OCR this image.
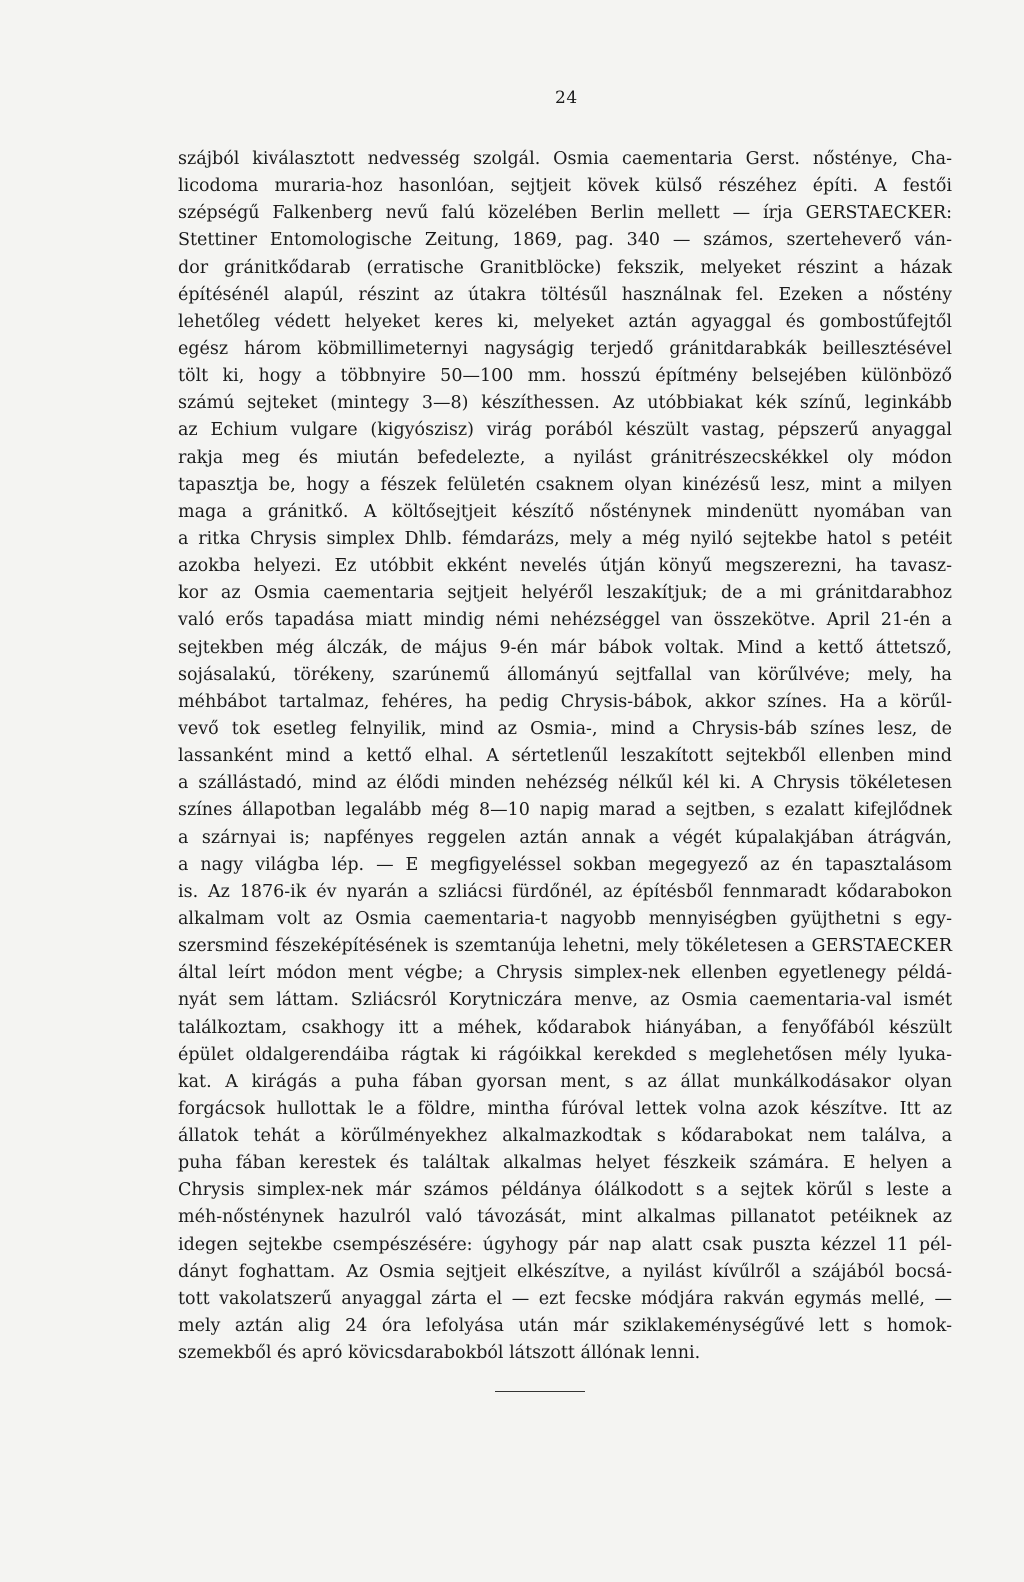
24
szájból kiválasztott nedvesség szolgál. Osmia caementaria Gerst. nősténye, Cha-
licodoma muraria-hoz hasonlóan, sejtjeit kövek külső részéhez építi. A festői
szépségű Falkenberg nevű falú közelében Berlin mellett — írja GERSTAECKER:
Stettiner Entomologische Zeitung, 1869, pag. 340 — számos, szerteheverő ván-
dor gránitkődarab (erratische Granitblöcke) fekszik, melyeket részint a házak
építésénél alapúl, részint az útakra töltésűl használnak fel. Ezeken a nőstény
lehetőleg védett helyeket keres ki, melyeket aztán agyaggal és gombostűfejtől
egész három köbmillimeternyi nagyságig terjedő gránitdarabkák beillesztésével
tölt ki, hogy a többnyire 50—100 mm. hosszú építmény belsejében különböző
számú sejteket (mintegy 3—8) készíthessen. Az utóbbiakat kék színű, leginkább
az Echium vulgare (kigyószisz) virág porából készült vastag, pépszerű anyaggal
rakja meg és miután befedelezte, a nyilást gránitrészecskékkel oly módon
tapasztja be, hogy a fészek felületén csaknem olyan kinézésű lesz, mint a milyen
maga a gránitkő. A költősejtjeit készítő nősténynek mindenütt nyomában van
a ritka Chrysis simplex Dhlb. fémdarázs, mely a még nyiló sejtekbe hatol s petéit
azokba helyezi. Ez utóbbit ekként nevelés útján könyű megszerezni, ha tavasz-
kor az Osmia caementaria sejtjeit helyéről leszakítjuk; de a mi gránitdarabhoz
való erős tapadása miatt mindig némi nehézséggel van összekötve. April 21-én a
sejtekben még álczák, de május 9-én már bábok voltak. Mind a kettő áttetsző,
sojásalakú, törékeny, szarúnemű állományú sejtfallal van körűlvéve; mely, ha
méhbábot tartalmaz, fehéres, ha pedig Chrysis-bábok, akkor színes. Ha a körűl-
vevő tok esetleg felnyilik, mind az Osmia-, mind a Chrysis-báb színes lesz, de
lassanként mind a kettő elhal. A sértetlenűl leszakított sejtekből ellenben mind
a szállástadó, mind az élődi minden nehézség nélkűl kél ki. A Chrysis tökéletesen
színes állapotban legalább még 8—10 napig marad a sejtben, s ezalatt kifejlődnek
a szárnyai is; napfényes reggelen aztán annak a végét kúpalakjában átrágván,
a nagy világba lép. — E megfigyeléssel sokban megegyező az én tapasztalásom
is. Az 1876-ik év nyarán a szliácsi fürdőnél, az építésből fennmaradt kődarabokon
alkalmam volt az Osmia caementaria-t nagyobb mennyiségben gyüjthetni s egy-
szersmind fészeképítésének is szemtanúja lehetni, mely tökéletesen a GERSTAECKER
által leírt módon ment végbe; a Chrysis simplex-nek ellenben egyetlenegy példá-
nyát sem láttam. Szliácsról Korytniczára menve, az Osmia caementaria-val ismét
találkoztam, csakhogy itt a méhek, kődarabok hiányában, a fenyőfából készült
épület oldalgerendáiba rágtak ki rágóikkal kerekded s meglehetősen mély lyuka-
kat. A kirágás a puha fában gyorsan ment, s az állat munkálkodásakor olyan
forgácsok hullottak le a földre, mintha fúróval lettek volna azok készítve. Itt az
állatok tehát a körűlményekhez alkalmazkodtak s kődarabokat nem találva, a
puha fában kerestek és találtak alkalmas helyet fészkeik számára. E helyen a
Chrysis simplex-nek már számos példánya ólálkodott s a sejtek körűl s leste a
méh-nősténynek hazulról való távozását, mint alkalmas pillanatot petéiknek az
idegen sejtekbe csempészésére: úgyhogy pár nap alatt csak puszta kézzel 11 pél-
dányt foghattam. Az Osmia sejtjeit elkészítve, a nyilást kívűlről a szájából bocsá-
tott vakolatszerű anyaggal zárta el — ezt fecske módjára rakván egymás mellé, —
mely aztán alig 24 óra lefolyása után már sziklakeménységűvé lett s homok-
szemekből és apró kövicsdarabokból látszott állónak lenni.
